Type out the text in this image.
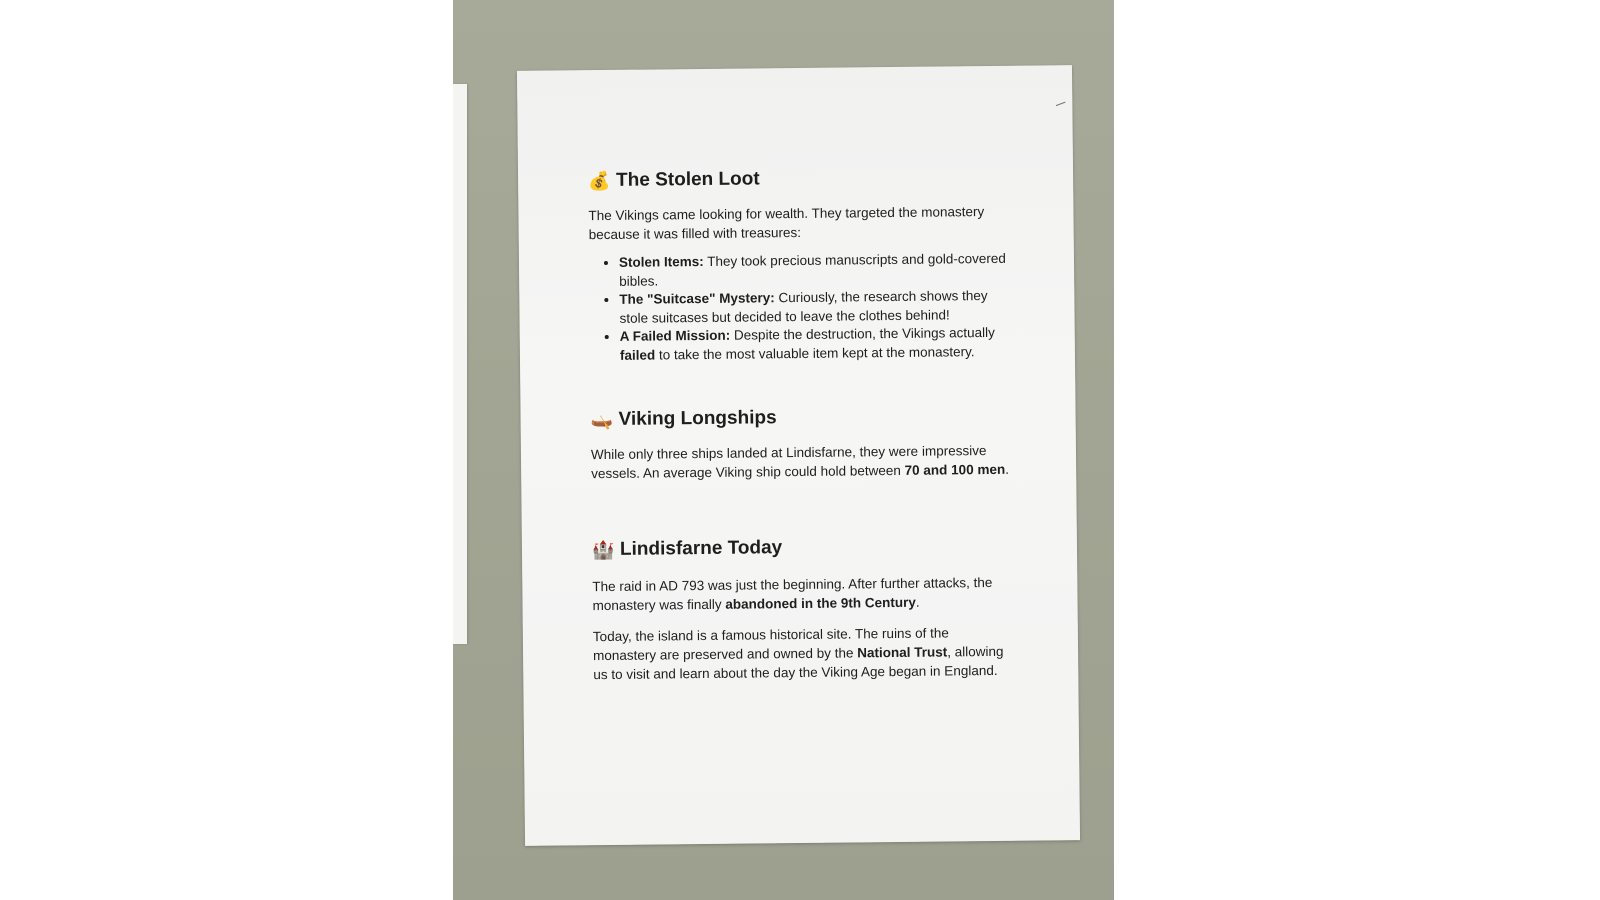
💰 The Stolen Loot

The Vikings came looking for wealth. They targeted the monastery because it was filled with treasures:

• Stolen Items: They took precious manuscripts and gold-covered bibles.
• The "Suitcase" Mystery: Curiously, the research shows they stole suitcases but decided to leave the clothes behind!
• A Failed Mission: Despite the destruction, the Vikings actually failed to take the most valuable item kept at the monastery.
🛶 Viking Longships

While only three ships landed at Lindisfarne, they were impressive vessels. An average Viking ship could hold between 70 and 100 men.

🏰 Lindisfarne Today

The raid in AD 793 was just the beginning. After further attacks, the monastery was finally abandoned in the 9th Century.

Today, the island is a famous historical site. The ruins of the monastery are preserved and owned by the National Trust, allowing us to visit and learn about the day the Viking Age began in England.
